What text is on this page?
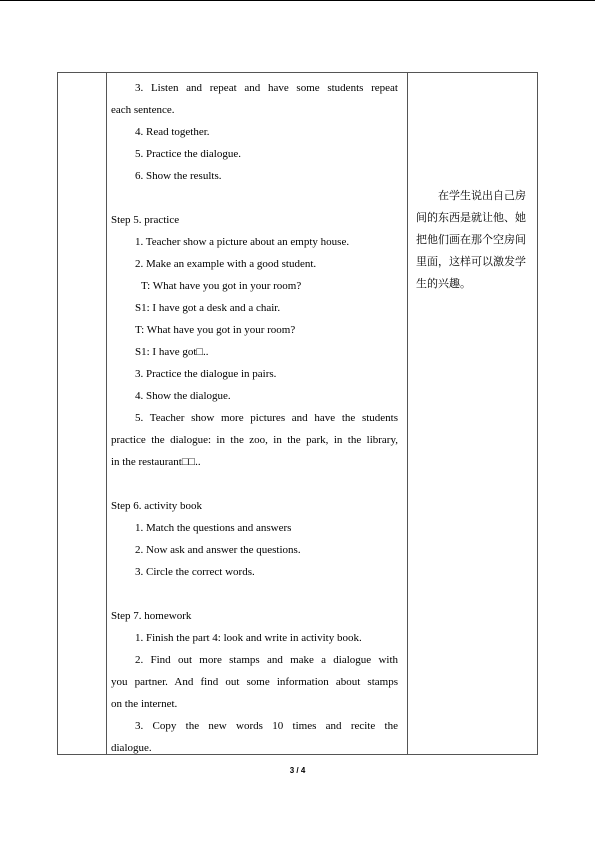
3. Listen and repeat and have some students repeat
each sentence.
4. Read together.
5. Practice the dialogue.
6. Show the results.
Step 5. practice
1. Teacher show a picture about an empty house.
2. Make an example with a good student.
T: What have you got in your room?
S1: I have got a desk and a chair.
T: What have you got in your room?
S1: I have got□..
3. Practice the dialogue in pairs.
4. Show the dialogue.
5. Teacher show more pictures and have the students
practice the dialogue: in the zoo, in the park, in the library,
in the restaurant□□..
Step 6. activity book
1. Match the questions and answers
2. Now ask and answer the questions.
3. Circle the correct words.
Step 7. homework
1. Finish the part 4: look and write in activity book.
2. Find out more stamps and make a dialogue with
you partner. And find out some information about stamps
on the internet.
3. Copy the new words 10 times and recite the
dialogue.
在学生说出自己房
间的东西是就让他、她
把他们画在那个空房间
里面，这样可以激发学
生的兴趣。
3 / 4
